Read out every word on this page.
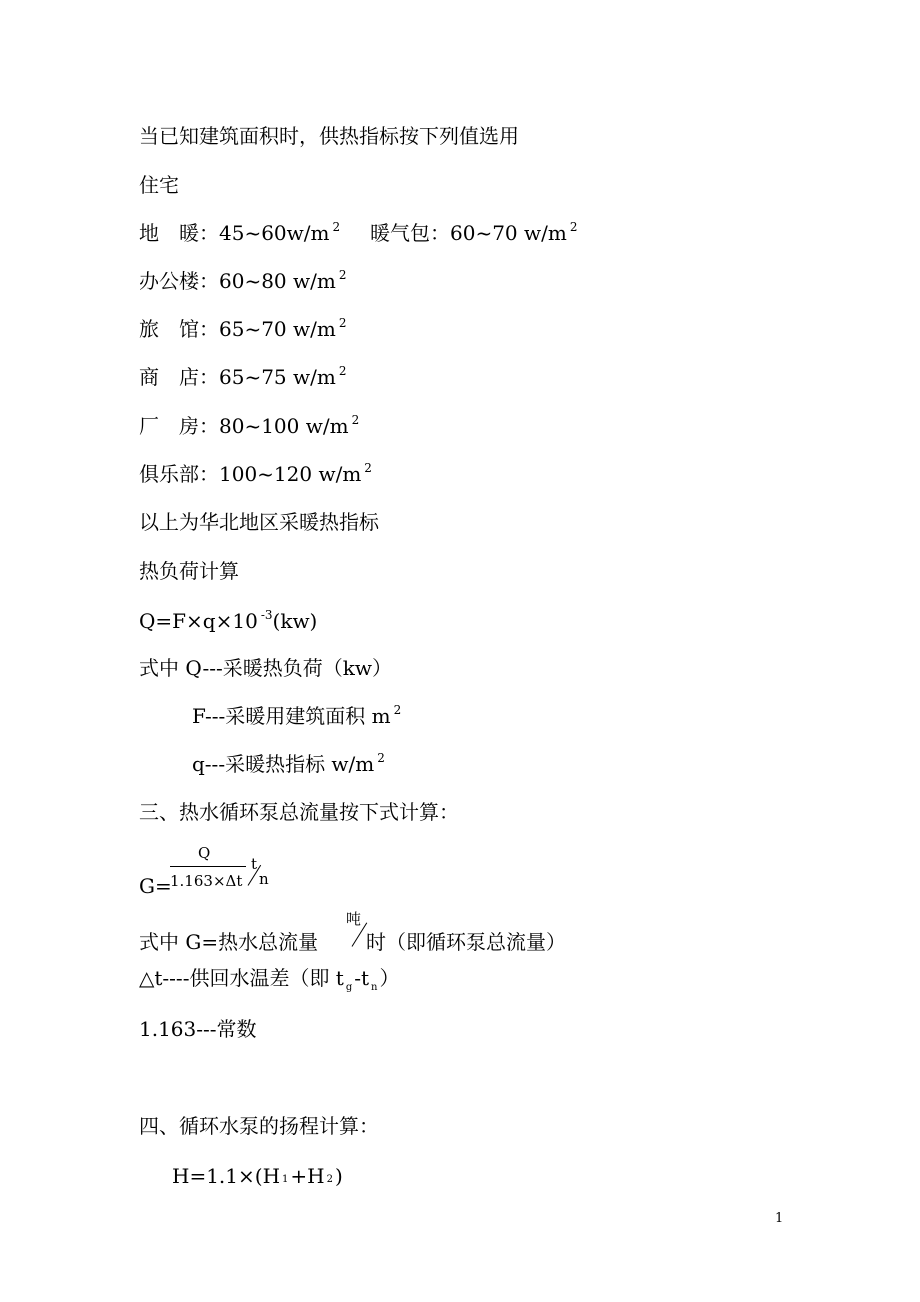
当已知建筑面积时，供热指标按下列值选用
住宅
地　暖：45~60w/m $^2$ 暖气包：60~70 w/m $^2$
办公楼：60~80 w/m $^2$
旅　馆：65~70 w/m $^2$
商　店：65~75 w/m $^2$
厂　房：80~100 w/m $^2$
俱乐部：100~120 w/m $^2$
以上为华北地区采暖热指标
热负荷计算
Q=F×q×10 $^{-3}$(kw)
式中 Q---采暖热负荷（kw）
F---采暖用建筑面积 m $^2$
q---采暖热指标 w/m $^2$
三、热水循环泵总流量按下式计算：
G=
Q
1.163×Δt
t
n
式中 G=热水总流量
吨
时 （即循环泵总流量）
△t----供回水温差（即 t $_g$ -t $_n$ ）
1.163---常数
四、循环水泵的扬程计算：
H=1.1×(H $_1$ +H $_2$ )
1
